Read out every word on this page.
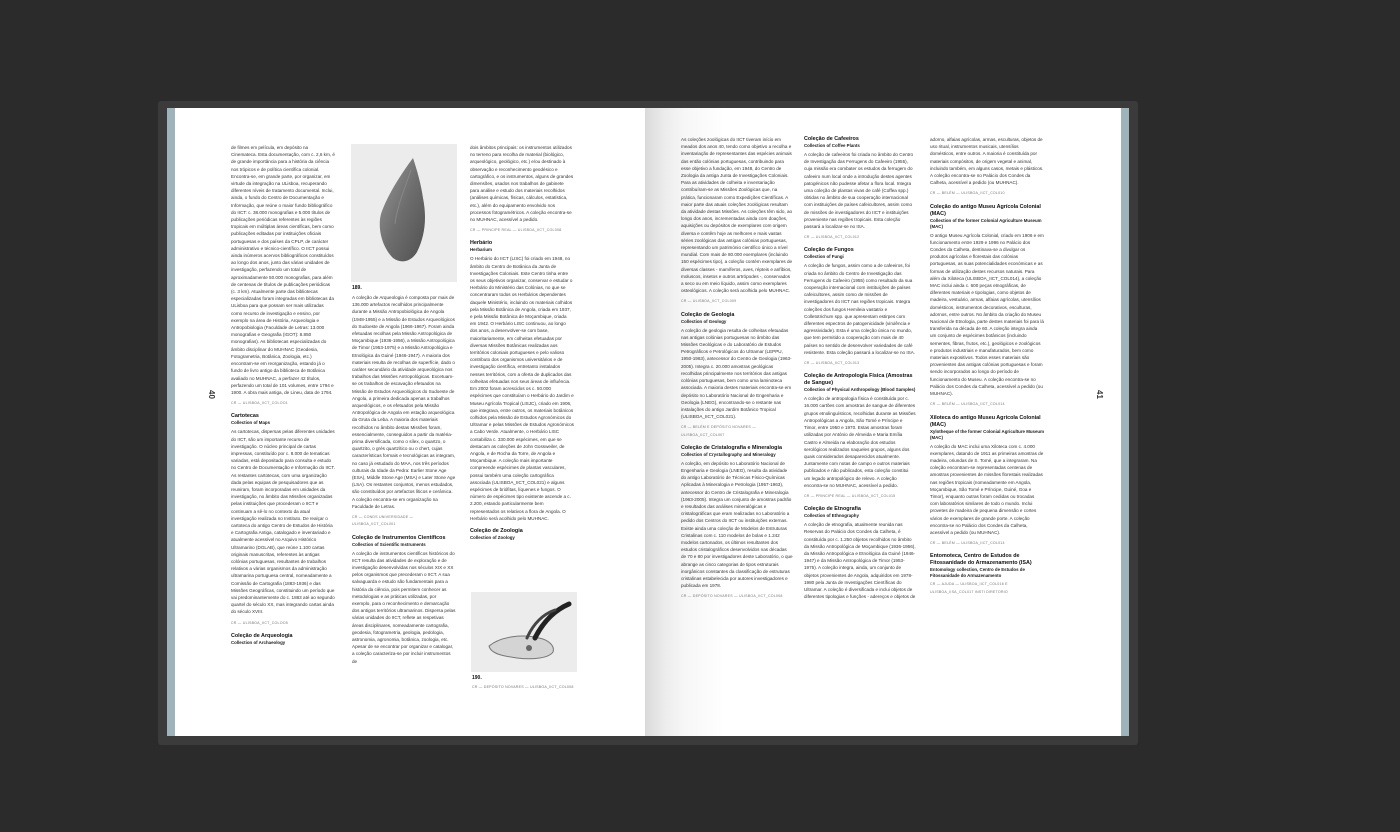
40

de filmes em película, em depósito na Cinemateca. Esta documentação, com c. 2,6 km, é de grande importância para a história da ciência nos trópicos e de política científica colonial. Encontra-se, em grande parte, por organizar, em virtude da integração na ULisboa, recuperando diferentes níveis de tratamento documental. Inclui, ainda, o fundo do Centro de Documentação e Informação, que reúne o maior fundo bibliográfico do IICT: c. 38.000 monografias e 5.000 títulos de publicações periódicas referentes às regiões tropicais em múltiplas áreas científicas, bem como publicações editadas por instituições oficiais portuguesas e dos países da CPLP, de carácter administrativo e técnico-científico. O IICT possui ainda inúmeros acervos bibliográficos constituídos ao longo dos anos, junto das várias unidades de investigação, perfazendo um total de aproximadamente 50.000 monografias, para além de centenas de títulos de publicações periódicas (c. 3 km). Atualmente parte das bibliotecas especializadas foram integradas em bibliotecas da ULisboa para que possam ser mais utilizadas como recurso de investigação e ensino, por exemplo na área de História, Arqueologia e Antropobiologia (Faculdade de Letras: 13.000 monografias e Geografia (IGOT): 8.850 monografias). As bibliotecas especializadas do âmbito disciplinar do MUHNAC (Geodesia, Fotogrametria, Botânica, Zoologia, etc.) encontram-se em reorganização, estando já o fundo de livro antigo da biblioteca de Botânica avaliado no MUHNAC, a perfazer 42 títulos, perfazendo um total de 101 volumes, entre 1794 e 1900. A obra mais antiga, de Lineu, data de 1794.

CR — ULISBOA_IICT_COLOO1
Cartotecas
Collection of Maps

As cartotecas, dispersas pelas diferentes unidades do IICT, são um importante recurso de investigação. O núcleo principal de cartas impressas, constituído por c. 8.000 de tematicas variadas, está depositado para consulta e estudo no Centro de Documentação e Informação do IICT. As restantes cartotecas, com uma organização dada pelas equipas de pesquisadores que as reuniram, foram incorporadas em unidades da investigação, no âmbito das Missões organizadas pelas instituições que procederam o IICT e continuam a sê-lo no contexto da atual investigação realizada no Instituto. De realçar o cartoteca do antigo Centro de Estudos de História e Cartografia Antiga, catalogado e inventariado e atualmente acessível no Arquivo Histórico Ultramarino (DGLAB), que reúne 1.100 cartas originais manuscritas, referentes às antigas colónias portuguesas, resultantes de trabalhos relativos a várias organismos da administração ultramarina portuguesa central, nomeadamente a Comissão de Cartografia (1883-1936) e das Missões Geográficas, constituindo um período que vai predominantemente do c. 1883 até ao segundo quartel do século XX, mas integrando cartas ainda do século XVIII.

CR — ULISBOA_IICT_COLOO5
Coleção de Arqueologia
Collection of Archaeology
189.

A coleção de Arqueologia é composta por mais de 136.000 artefactos recolhidos principalmente durante a Missão Antropobiológica de Angola (1948-1955) e a Missão de Estudos Arqueológicos do Sudoeste de Angola (1966-1967). Foram ainda efetuadas recolhas pela Missão Antropológica de Moçambique (1936-1956), a Missão Antropológica de Timor (1953-1975) e a Missão Antropológica e Etnológica da Guiné (1946-1947). A maioria dos materiais resulta de recolhas de superfície, dado o caráter secundário da atividade arqueológica nos trabalhos das Missões Antropológicas. Excetuam-se os trabalhos de escavação efetuados na Missão de Estudos Arqueológicos do Sudoeste de Angola, a primeira dedicada apenas a trabalhos arqueológicos, e os efetuados pela Missão Antropológica de Angola em estação arqueológica da Gruta da Leba. A maioria dos materiais recolhidos no âmbito destas Missões foram, essencialmente, conseguidos a partir da matéria-prima diversificada, como o sílex, o quartzo, o quartzito, o grés quartzítico ou o chert, cujas características formais e tecnológicas as integram, no caso já estudado do MAA, nos três períodos culturais da Idade da Pedra: Earlier Stone Age (ESA), Middle Stone Age (MSA) e Later Stone Age (LSA). Os restantes conjuntos, menos estudados, são constituídos por artefactos líticos e cerâmica. A coleção encontra-se em organização na Faculdade de Letras.

CR — CONDS UNIVERSIDADE — ULISBOA_IICT_COL001
Coleção de Instrumentos Científicos
Collection of Scientific Instruments

A coleção de instrumentos científicos históricos do IICT resulta das atividades de exploração e de investigação desenvolvidas nos séculos XIX e XX pelos organismos que precederam o IICT. A sua salvaguarda e estudo são fundamentais para a história da ciência, pois permitem conhecer as metodologias e as práticas utilizadas, por exemplo, para o reconhecimento e demarcação dos antigos territórios ultramarinos. Dispersa pelas várias unidades do IICT, reflete as respetivas áreas disciplinares, nomeadamente cartografia, geodesia, fotogrametria, geologia, pedologia, astronomia, agronomia, botânica, zoologia, etc. Apesar de se encontrar por organizar e catalogar, a coleção caracteriza-se por incluir instrumentos de

dois âmbitos principais: os instrumentos utilizados no terreno para recolha de material (biológico, arqueológico, geológico, etc.) e/ou destinado à observação e reconhecimento geodésico e cartográfico, e os instrumentos, alguns de grandes dimensões, usados nos trabalhos de gabinete para análise e estudo dos materiais recolhidos (análises químicas, físicas, cálculos, estatística, etc.), além do equipamento envolvido nos processos fotogramétricos. A coleção encontra-se no MUHNAC, acessível a pedido.

CR — PRINCIPE REAL — ULISBOA_IICT_COL008
Herbário
Herbarium

O Herbário do IICT (LISC) foi criado em 1948, no âmbito do Centro de Botânica da Junta de Investigações Coloniais. Este Centro tinha entre os seus objetivos organizar, conservar e estudar o Herbário do Ministério das Colónias, no que se concentraram todos os Herbários dependentes daquele Ministério, incluindo os materiais colhidos pela Missão Botânica de Angola, criada em 1937, e pela Missão Botânica de Moçambique, criada em 1942. O Herbário LISC continuou, ao longo dos anos, a desenvolver-se com base, maioritariamente, em colheitas efetuadas por diversas Missões Botânicas realizadas aos territórios coloniais portugueses e pelo valioso contributo dos organismos universitários e de investigação científica, entretanto instalados nesses territórios, com a oferta de duplicados das colheitas efetuadas nos seus áreas de influência. Em 2002 foram acrescidos os c. 50.000 espécimes que constituíam o Herbário do Jardim e Museu Agrícola Tropical (LISJC), criado em 1906, que integrava, entre outros, os materiais botânicos colhidos pela Missão de Estudos Agronómicos do Ultramar e pelas Missões de Estudos Agronómicos a Cabo Verde. Atualmente, o Herbário LISC contabiliza c. 330.000 espécimes, em que se destacam as coleções de John Gossweiler, de Angola, e de Rocha da Torre, de Angola e Moçambique. A coleção mais importante compreende espécimes de plantas vasculares, possui também uma coleção cartográfica associada (ULISBOA_IICT_COL021) e alguns espécimes de briófitas, líquenes e fungos. O número de espécimes tipo existente ascende a c. 2.200, estando particularmente bem representados os relativos a flora de Angola. O Herbário será acolhido pelo MUHNAC.

Coleção de Zoologia
Collection of Zoology
190.
CR — DEPÓSITO NOVARES — ULISBOA_IICT_COL008
41

As coleções zoológicas do IICT tiveram início em meados dos anos 40, tendo como objetivo a recolha e inventariação de representantes das espécies animais das então colónias portuguesas, contribuindo para esse objetivo a fundação, em 1948, do Centro de Zoologia da antiga Junta de Investigações Coloniais. Para as atividades de colheita e inventariação contribuíram-se as Missões Zoológicas que, na prática, funcionaram como Expedições Científicas. A maior parte das atuais coleções zoológicas resultam da atividade destas Missões. As coleções têm sido, ao longo dos anos, incrementadas ainda com doações, aquisições ou depósitos de exemplares com origem diversa e contêm hoje as melhores e mais vastas séries zoológicas das antigas colónias portuguesas, representando um património científico único a nível mundial. Com mais de 80.000 exemplares (incluindo 150 espécimes tipo), a coleção contém exemplares de diversas classes - mamíferos, aves, répteis e anfíbios, moluscos, insetos e outros artrópodes -, conservados a seco ou em meio líquido, assim como exemplares osteológicos. A coleção será acolhida pelo MUHNAC.

CR — ULISBOA_IICT_COL009
Coleção de Geologia
Collection of Geology

A coleção de geologia resulta de colheitas efetuadas nas antigas colónias portuguesas no âmbito das Missões Geológicas e do Laboratório de Estudos Petrográficos e Petrológicos do Ultramar (LEPPU, 1950-1963), antecessor do Centro de Geologia (1963-2005). Integra c. 20.000 amostras geológicas recolhidas principalmente nos territórios das antigas colónias portuguesas, bem como uma laminoteca associada. A maioria destes materiais encontra-se em depósito no Laboratório Nacional de Engenharia e Geologia (LNEG), encontrando-se o restante nas instalações do antigo Jardim Botânico Tropical (ULISBOA_IICT_COL021).

CR — BELÉM E DEPÓSITO NOVARES — ULISBOA_IICT_COL007
Coleção de Cristalografia e Mineralogia
Collection of Crystallography and Mineralogy

A coleção, em depósito no Laboratório Nacional de Engenharia e Geologia (LNEG), resulta da atividade do antigo Laboratório de Técnicas Físico-Químicas Aplicadas à Mineralogia e Petrologia (1957-1963), antecessor do Centro de Cristalografia e Mineralogia (1963-2005). Integra um conjunto de amostras padrão e resultados das análises mineralógicas e cristalográficas que eram realizadas no Laboratório a pedido dos Centros do IICT ou instituições externas. Existe ainda uma coleção de Modelos de Estruturas Cristalinas com c. 110 modelos de bolas e 1.242 modelos cartonados, os últimos resultantes dos estudos cristalográficos desenvolvidos nas décadas de 70 e 80 por investigadores deste Laboratório, o que abrange as cinco categorias de tipos estruturais inorgânicos constantes da classificação de estruturas cristalinas estabelecida por autores investigadores e publicada em 1978.

CR — DEPÓSITO NOVARES — ULISBOA_IICT_COL008
Coleção de Cafeeiros
Collection of Coffee Plants

A coleção de cafeeiros foi criada no âmbito do Centro de Investigação das Ferrugens do Cafeeiro (1955), cuja missão era combater os estudos da ferrugem do cafeeiro num local onde a introdução destes agentes patogénicos não pudesse afetar a flora local. Integra uma coleção de plantas vivas de café (Coffea spp.) obtidas no âmbito de sua cooperação internacional com instituições de países cafeicultores, assim como de missões de investigadores do IICT e instituições proveniente nas regiões tropicais. Esta coleção passará a localizar-se no ISA.

CR — ULISBOA_IICT_COL012
Coleção de Fungos
Collection of Fungi

A coleção de fungos, assim como a de cafeeiros, foi criada no âmbito do Centro de Investigação das Ferrugens do Cafeeiro (1955) como resultado da sua cooperação internacional com instituições de países cafeicultores, assim como de missões de investigadores do IICT nas regiões tropicais. Integra coleções dos fungos Hemileia vastatrix e Colletotrichum spp. que apresentam estirpes com diferentes espectros de patogenicidade (virulência e agressividade). Esta é uma coleção única no mundo, que tem permitido a cooperação com mais de 40 países no sentido de desenvolver variedades de café resistente. Esta coleção passará a localizar-se no ISA.

CR — ULISBOA_IICT_COL013
Coleção de Antropologia Física (Amostras de Sangue)
Collection of Physical Anthropology (Blood Samples)

A coleção de antropologia física é constituída por c. 16.000 cartões com amostras de sangue de diferentes grupos etnolinguísticos, recolhidas durante as Missões Antropológicas a Angola, São Tomé e Príncipe e Timor, entre 1950 e 1970. Estas amostras foram utilizadas por António de Almeida e Maria Emília Castro e Almeida na elaboração dos estudos serológicos realizados naqueles grupos, alguns dos quais considerados desaparecidos atualmente. Juntamente com notas de campo e outros materiais publicados e não publicados, esta coleção constitui um legado antropológico de relevo. A coleção encontra-se no MUHNAC, acessível a pedido.

CR — PRINCIPE REAL — ULISBOA_IICT_COL015
Coleção de Etnografia
Collection of Ethnography

A coleção de etnografia, atualmente reunida nas Reservas do Palácio dos Condes da Calheta, é constituída por c. 1.250 objetos recolhidos no âmbito da Missão Antropológica de Moçambique (1936-1956), da Missão Antropológica e Etnológica da Guiné (1946-1947) e da Missão Antropológica de Timor (1953-1975). A coleção integra, ainda, um conjunto de objetos provenientes de Angola, adquiridos em 1978-1980 pela Junta de Investigações Científicas do Ultramar. A coleção é diversificada e inclui objetos de diferentes tipologias e funções - adereços e objetos de

adorno, alfaias agrícolas, armas, esculturas, objetos de uso ritual, instrumentos musicais, utensílios domésticos, entre outros. A maioria é constituída por materiais compósitos, de origem vegetal e animal, incluindo também, em alguns casos, metais e plásticos. A coleção encontra-se no Palácio dos Condes da Calheta, acessível a pedido (ou MUHNAC).

CR — BELÉM — ULISBOA_IICT_COL010
Coleção do antigo Museu Agrícola Colonial (MAC)
Collection of the former Colonial Agriculture Museum (MAC)

O antigo Museu Agrícola Colonial, criado em 1906 e em funcionamento entre 1929 e 1996 no Palácio dos Condes da Calheta, destinava-se a divulgar os produtos agrícolas e florestais das colónias portuguesas, as suas potencialidades económicas e as formas de utilização destes recursos naturais. Para além da Xiloteca (ULISBOA_IICT_COL014), a coleção MAC inclui ainda c. 600 peças etnográficas, de diferentes materiais e tipologias, como objetos de madeira, vestuário, armas, alfaias agrícolas, utensílios domésticos, instrumentos decorativos, esculturas, adornos, entre outros. No âmbito da criação do Museu Nacional de Etnologia, parte destes materiais foi para lá transferida na década de 60. A coleção integra ainda um conjunto de espécimes botânicos (incluindo sementes, fibras, frutos, etc.), geológicos e zoológicos e produtos industriais e manufaturados, bem como materiais expositivos. Todos esses materiais são provenientes das antigas colónias portuguesas e foram sendo incorporados ao longo do período de funcionamento do Museu. A coleção encontra-se no Palácio dos Condes da Calheta, acessível a pedido (ou MUHNAC).

CR — BELÉM — ULISBOA_IICT_COL014
Xiloteca do antigo Museu Agrícola Colonial (MAC)
Xylotheque of the former Colonial Agriculture Museum (MAC)

A coleção do MAC inclui uma Xiloteca com c. 4.000 exemplares, datando de 1911 as primeiras amostras de madeira, oriundas de S. Tomé, que a integraram. Na coleção encontram-se representadas centenas de amostras provenientes de missões florestais realizadas nas regiões tropicais (nomeadamente em Angola, Moçambique, São Tomé e Príncipe, Guiné, Goa e Timor), enquanto outras foram cedidas ou trocadas com laboratórios similares de todo o mundo. Inclui provetes de madeira de pequena dimensão e cortes vários de exemplares de grande porte. A coleção encontra-se no Palácio dos Condes da Calheta, acessível a pedido (ou MUHNAC).

CR — BELÉM — ULISBOA_IICT_COL014
Entomoteca, Centro de Estudos de Fitossanidade do Armazenamento (ISA)
Entomology collection, Centro de Estudos de Fitossanidade do Armazenamento
CR — AJUDA — ULISBOA_IICT_COL016 E ULISBOA_IISA_COL017 INSTI DIRETORIO
